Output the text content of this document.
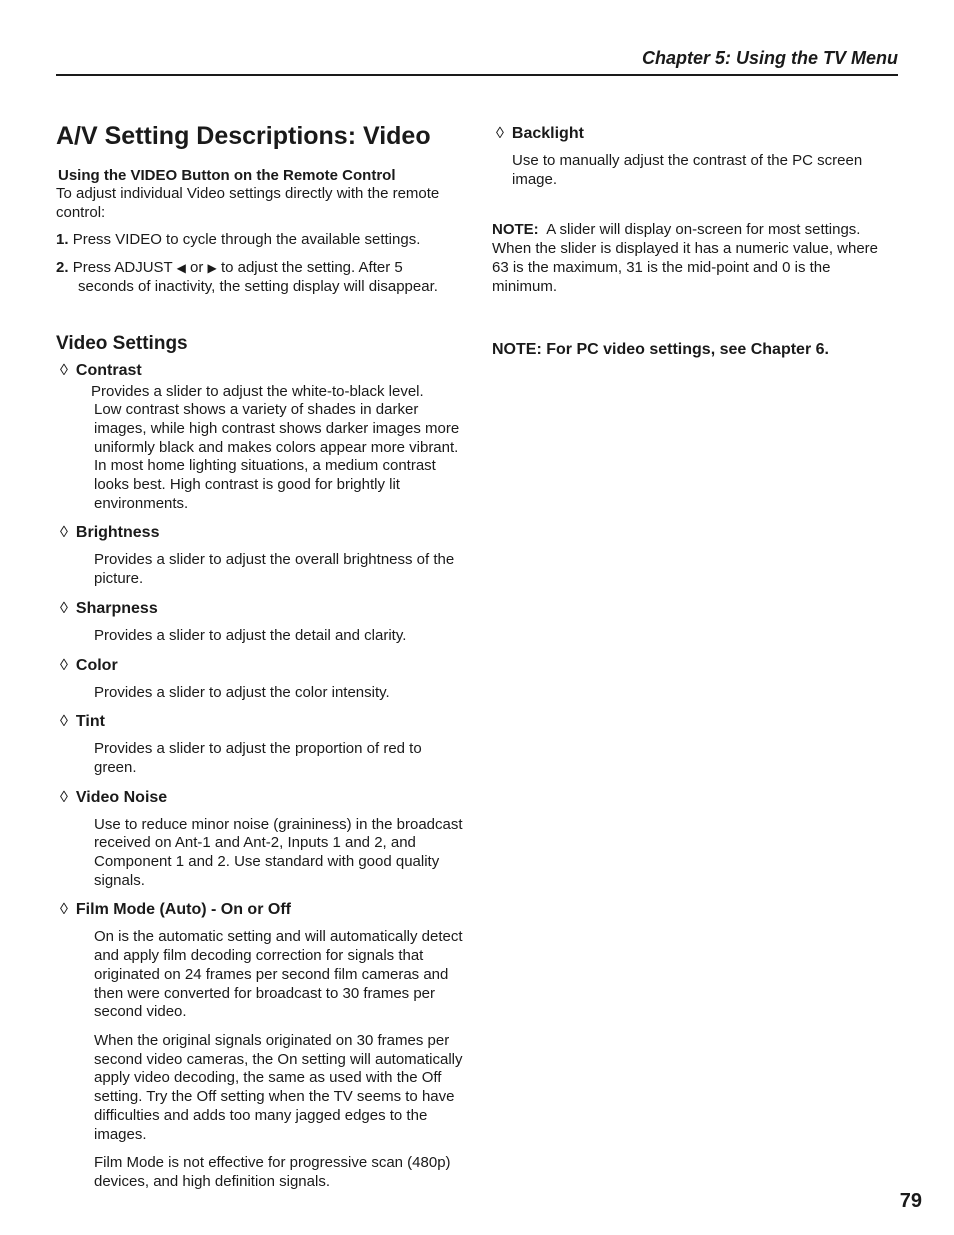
Chapter 5: Using the TV Menu
A/V Setting Descriptions: Video
Using the VIDEO Button on the Remote Control
To adjust individual Video settings directly with the remote control:
1. Press VIDEO to cycle through the available settings.
2. Press ADJUST ◀ or ▶ to adjust the setting. After 5
seconds of inactivity, the setting display will disappear.
Video Settings
◊ Contrast
Provides a slider to adjust the white-to-black level.
Low contrast shows a variety of shades in darker images, while high contrast shows darker images more uniformly black and makes colors appear more vibrant. In most home lighting situations, a medium contrast looks best. High contrast is good for brightly lit environments.
◊ Brightness
Provides a slider to adjust the overall brightness of the picture.
◊ Sharpness
Provides a slider to adjust the detail and clarity.
◊ Color
Provides a slider to adjust the color intensity.
◊ Tint
Provides a slider to adjust the proportion of red to green.
◊ Video Noise
Use to reduce minor noise (graininess) in the broadcast received on Ant-1 and Ant-2, Inputs 1 and 2, and Component 1 and 2. Use standard with good quality signals.
◊ Film Mode (Auto) - On or Off
On is the automatic setting and will automatically detect and apply film decoding correction for signals that originated on 24 frames per second film cameras and then were converted for broadcast to 30 frames per second video.
When the original signals originated on 30 frames per second video cameras, the On setting will automatically apply video decoding, the same as used with the Off setting. Try the Off setting when the TV seems to have difficulties and adds too many jagged edges to the images.
Film Mode is not effective for progressive scan (480p) devices, and high definition signals.
◊ Backlight
Use to manually adjust the contrast of the PC screen image.
NOTE: A slider will display on-screen for most settings. When the slider is displayed it has a numeric value, where 63 is the maximum, 31 is the mid-point and 0 is the minimum.
NOTE: For PC video settings, see Chapter 6.
79
